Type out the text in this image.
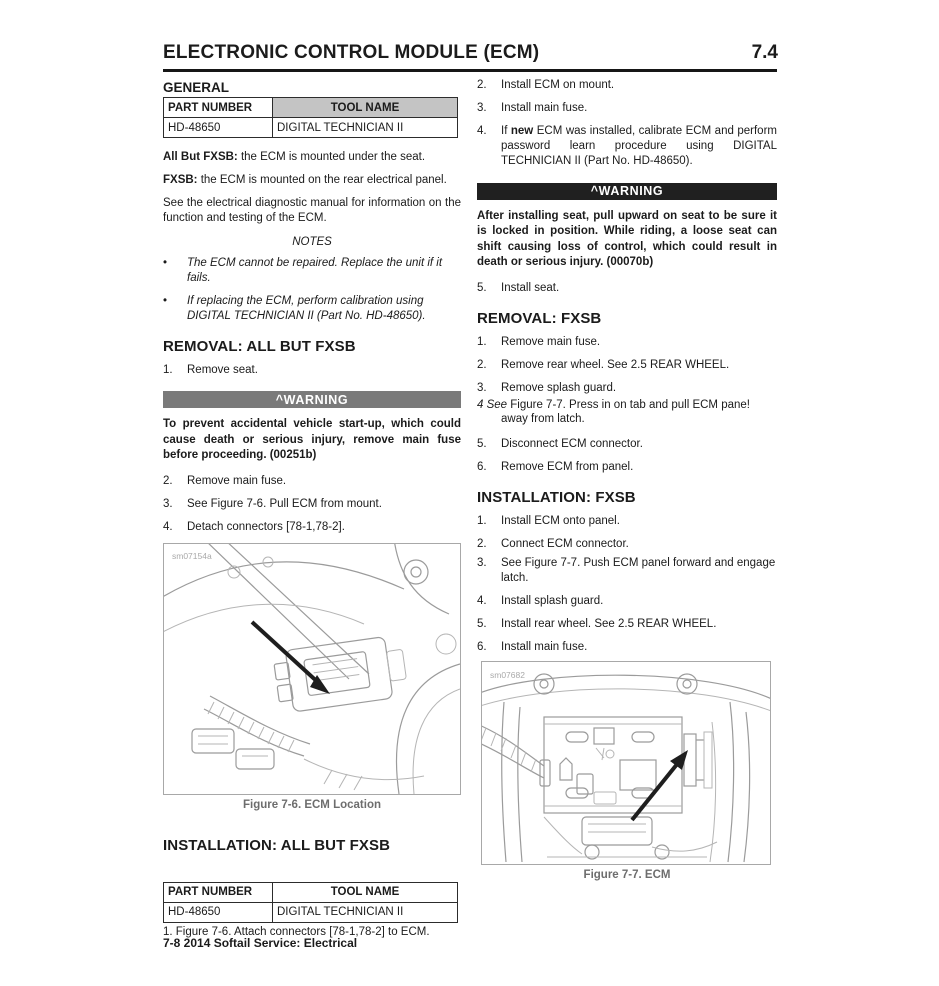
ELECTRONIC CONTROL MODULE (ECM)	7.4
GENERAL
PART NUMBER	TOOL NAME
HD-48650	DIGITAL TECHNICIAN II

All But FXSB: the ECM is mounted under the seat.

FXSB: the ECM is mounted on the rear electrical panel.

See the electrical diagnostic manual for information on the function and testing of the ECM.

NOTES
•	The ECM cannot be repaired. Replace the unit if it fails.
•	If replacing the ECM, perform calibration using DIGITAL TECHNICIAN II (Part No. HD-48650).
REMOVAL: ALL BUT FXSB
1.	Remove seat.
^WARNING
To prevent accidental vehicle start-up, which could cause death or serious injury, remove main fuse before proceeding. (00251b)
2.	Remove main fuse.
3.	See Figure 7-6. Pull ECM from mount.
4.	Detach connectors [78-1,78-2].
sm07154a
Figure 7-6. ECM Location
INSTALLATION: ALL BUT FXSB
PART NUMBER	TOOL NAME
HD-48650	DIGITAL TECHNICIAN II
1. Figure 7-6. Attach connectors [78-1,78-2] to ECM.
2.	Install ECM on mount.
3.	Install main fuse.
4.	If new ECM was installed, calibrate ECM and perform password learn procedure using DIGITAL TECHNICIAN II (Part No. HD-48650).
^WARNING
After installing seat, pull upward on seat to be sure it is locked in position. While riding, a loose seat can shift causing loss of control, which could result in death or serious injury. (00070b)
5.	Install seat.
REMOVAL: FXSB
1.	Remove main fuse.
2.	Remove rear wheel. See 2.5 REAR WHEEL.
3.	Remove splash guard.
4 See Figure 7-7. Press in on tab and pull ECM pane! away from latch.
5.	Disconnect ECM connector.
6.	Remove ECM from panel.
INSTALLATION: FXSB
1.	Install ECM onto panel.
2.	Connect ECM connector.
3.	See Figure 7-7. Push ECM panel forward and engage latch.
4.	Install splash guard.
5.	Install rear wheel. See 2.5 REAR WHEEL.
6.	Install main fuse.
sm07682
Figure 7-7. ECM
7-8 2014 Softail Service: Electrical
